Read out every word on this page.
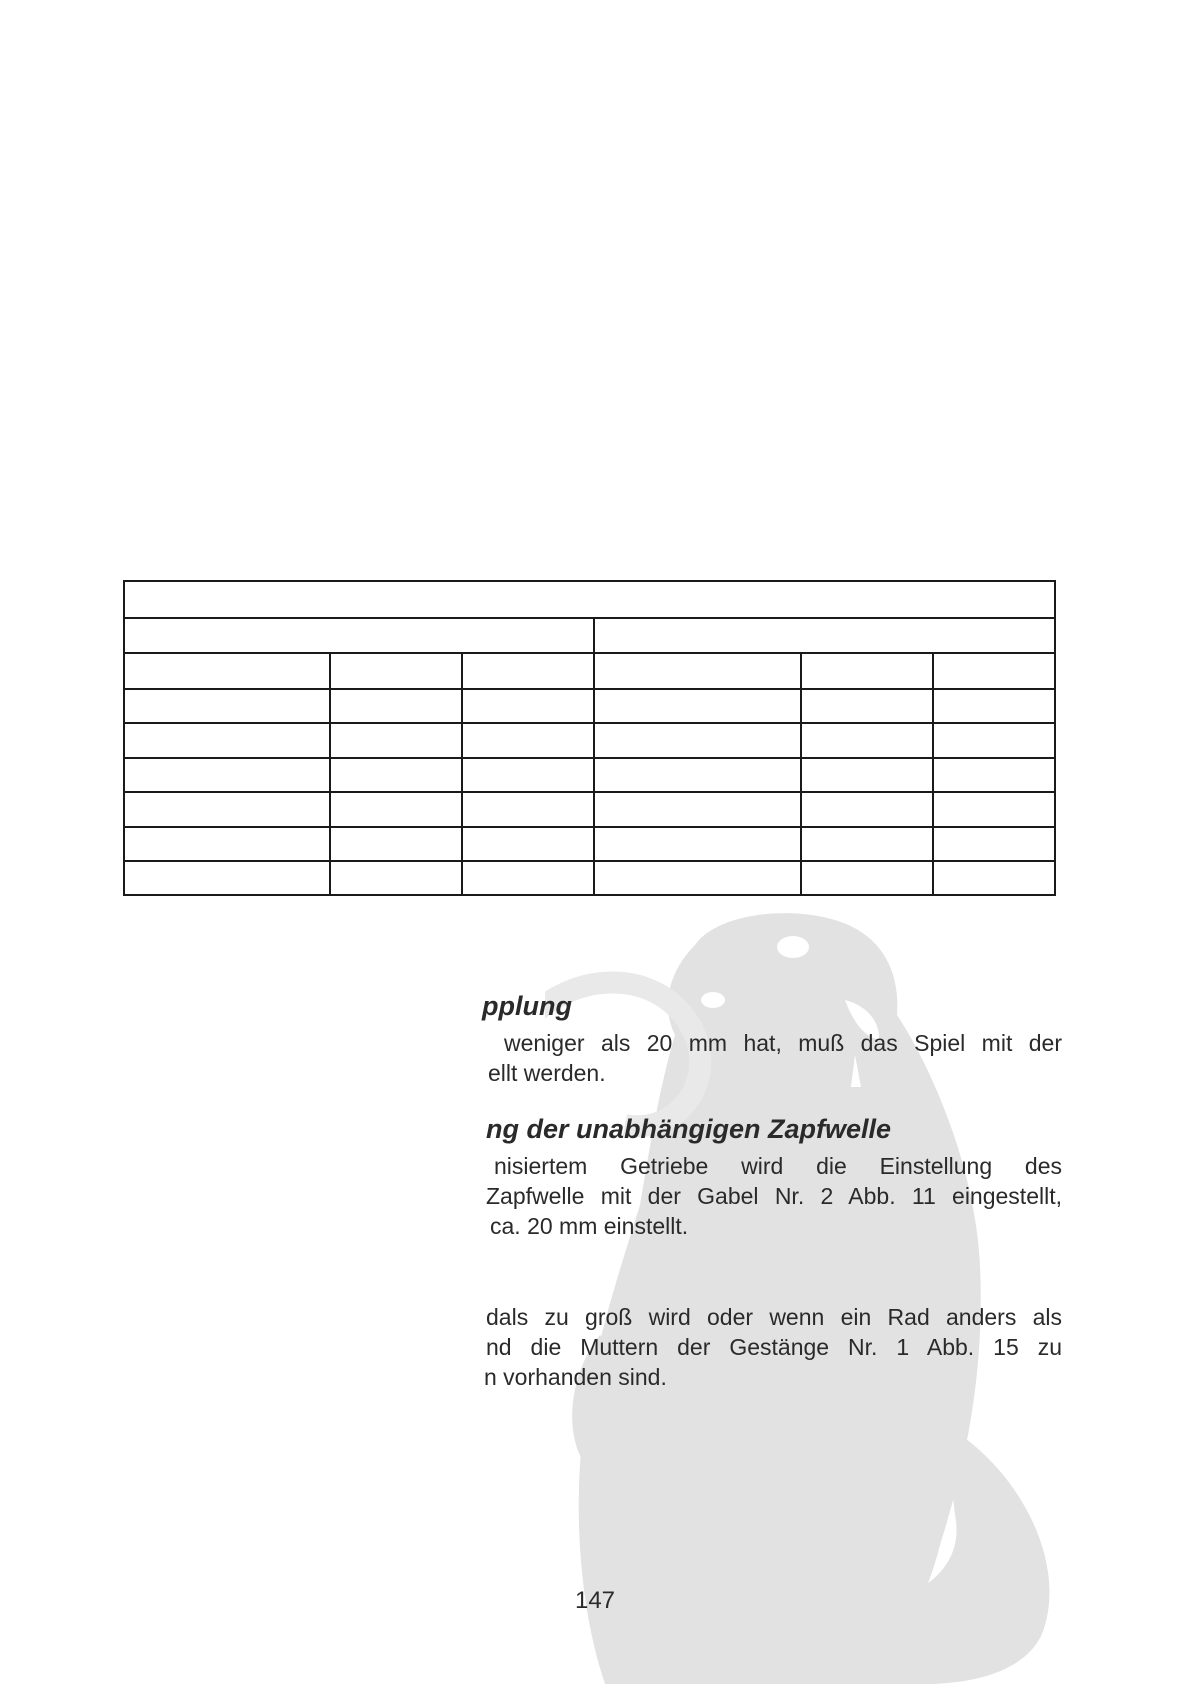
pplung
weniger als 20 mm hat, muß das Spiel mit der
ellt werden.
ng der unabhängigen Zapfwelle
nisiertem Getriebe wird die Einstellung des
Zapfwelle mit der Gabel Nr. 2 Abb. 11 eingestellt,
ca. 20 mm einstellt.
dals zu groß wird oder wenn ein Rad anders als
nd die Muttern der Gestänge Nr. 1 Abb. 15 zu
n vorhanden sind.
147
